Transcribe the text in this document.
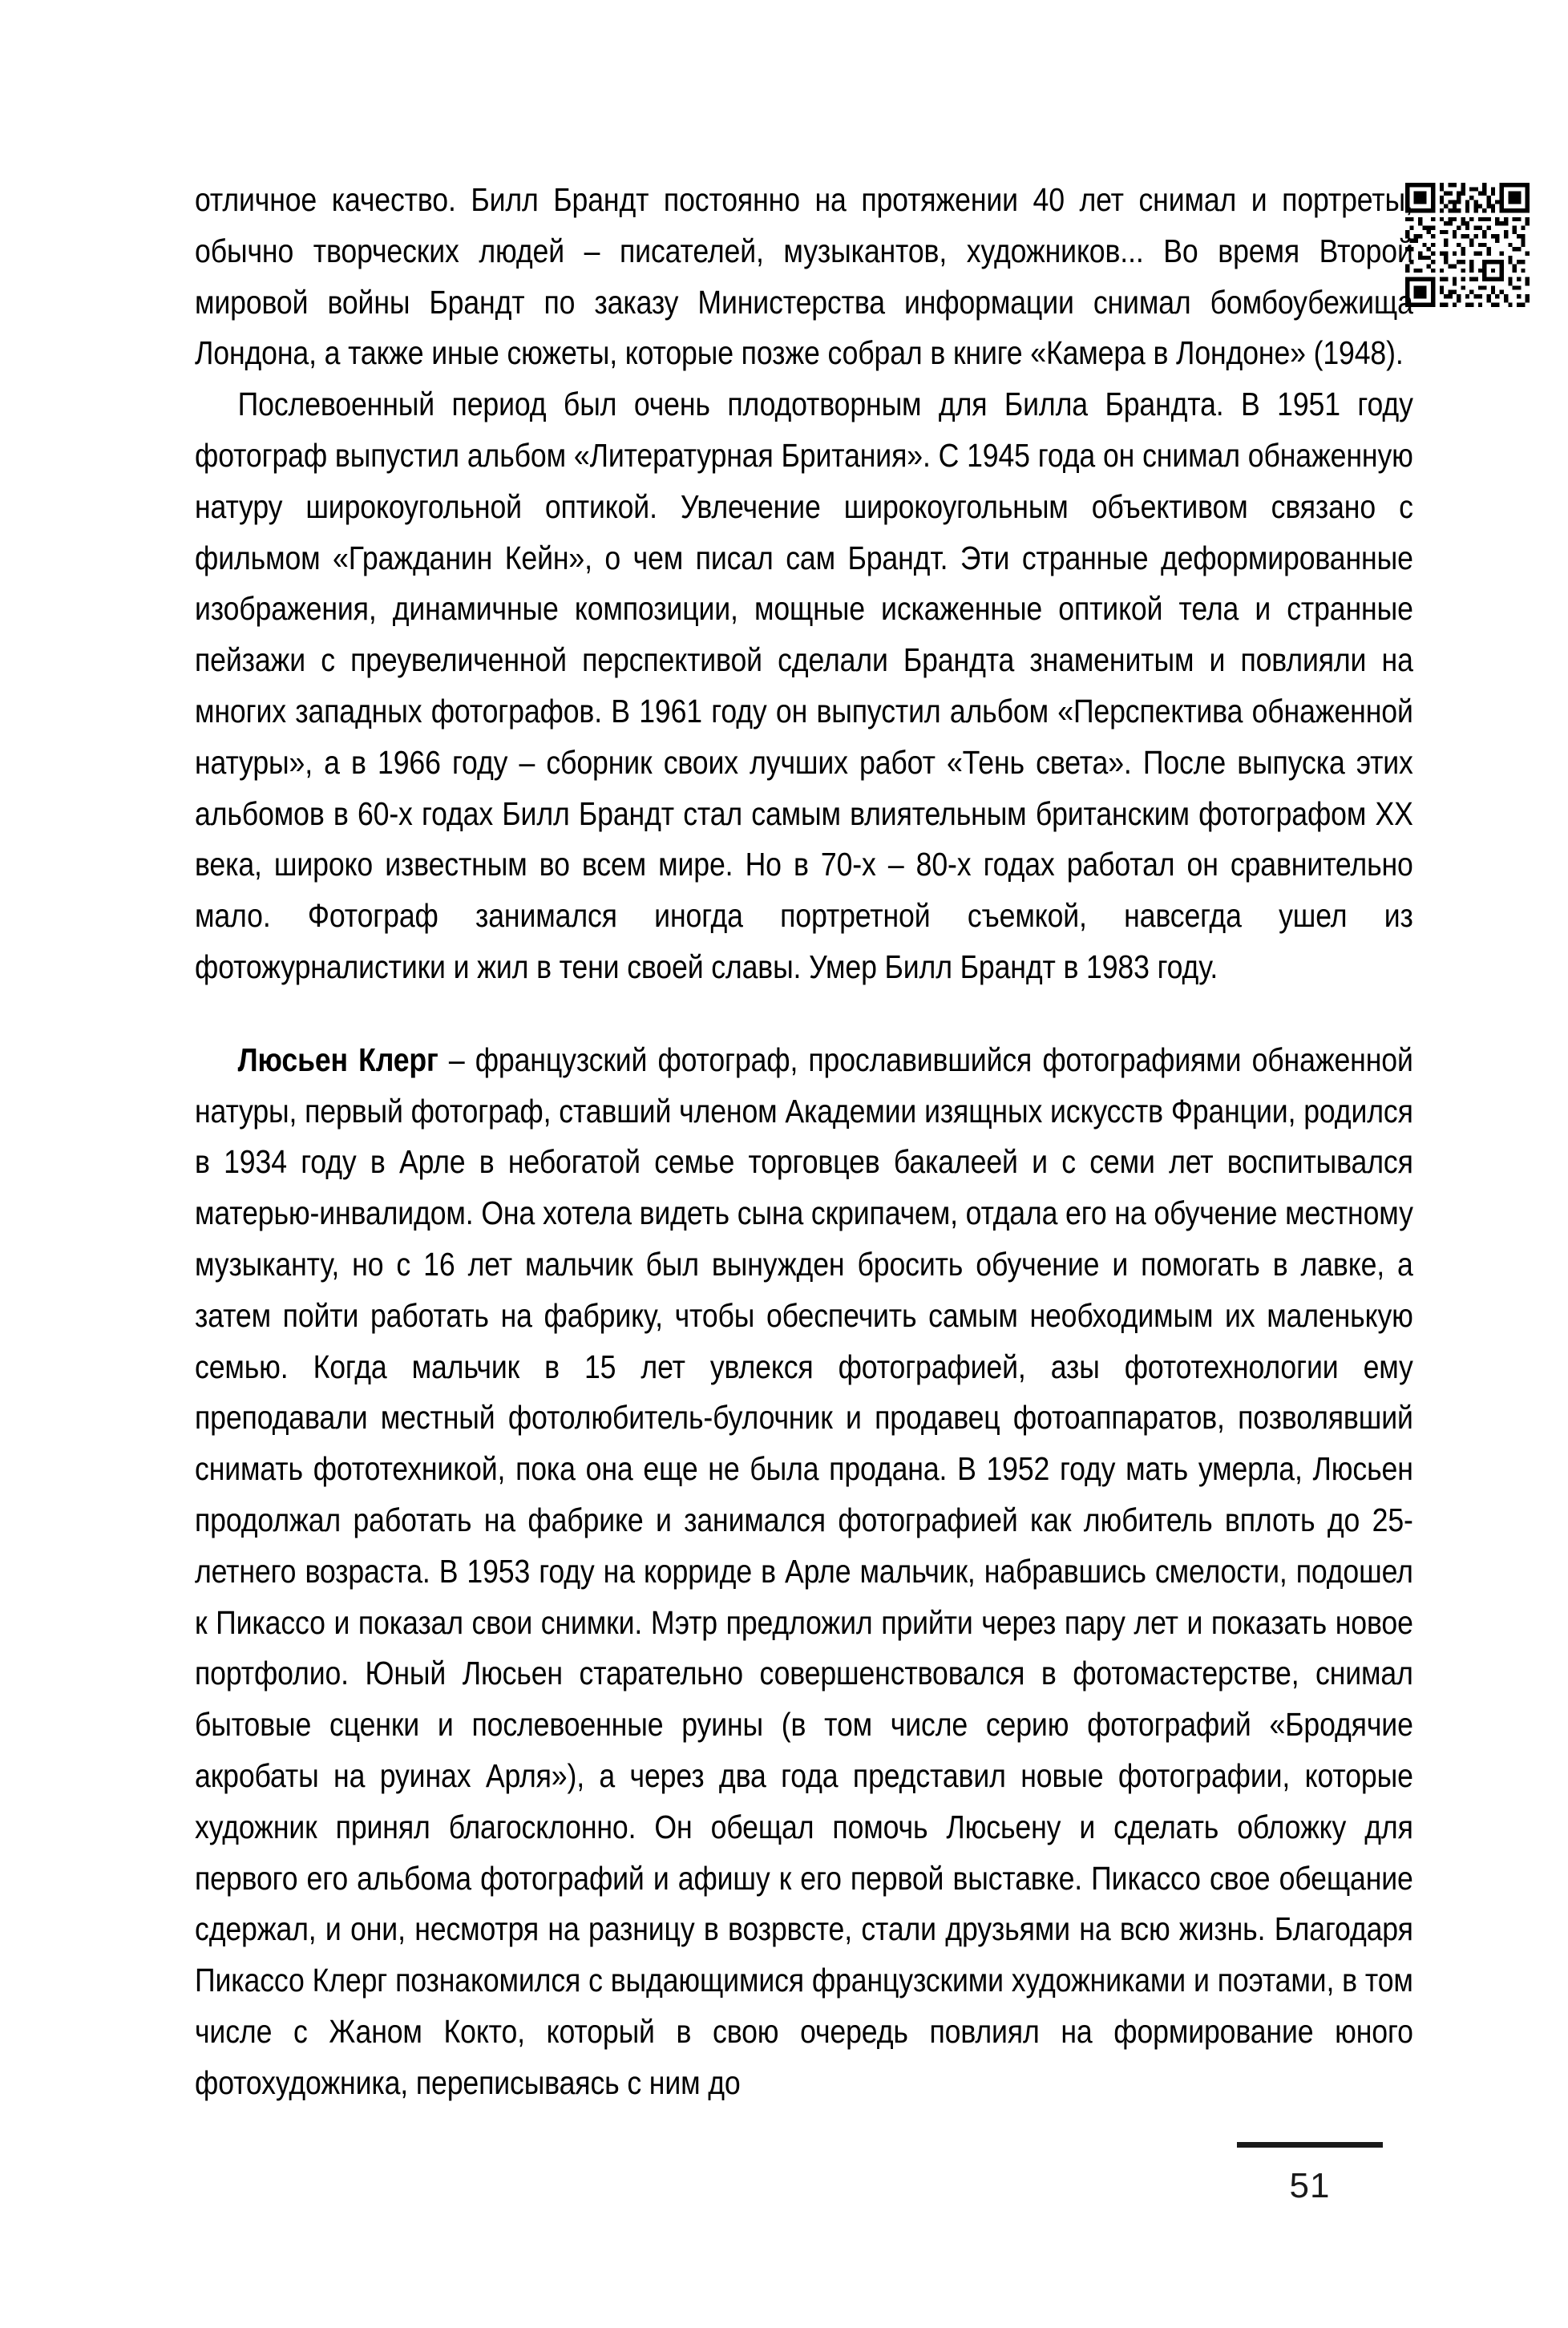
отличное качество. Билл Брандт постоянно на протяжении 40 лет снимал и портреты, обычно творческих людей – писателей, музыкантов, художников... Во время Второй мировой войны Брандт по заказу Министерства информации снимал бомбоубежища Лондона, а также иные сюжеты, которые позже собрал в книге «Камера в Лондоне» (1948).

Послевоенный период был очень плодотворным для Билла Брандта. В 1951 году фотограф выпустил альбом «Литературная Британия». С 1945 года он снимал обнаженную натуру широкоугольной оптикой. Увлечение широкоугольным объективом связано с фильмом «Гражданин Кейн», о чем писал сам Брандт. Эти странные деформированные изображения, динамичные композиции, мощные искаженные оптикой тела и странные пейзажи с преувеличенной перспективой сделали Брандта знаменитым и повлияли на многих западных фотографов. В 1961 году он выпустил альбом «Перспектива обнаженной натуры», а в 1966 году – сборник своих лучших работ «Тень света». После выпуска этих альбомов в 60-х годах Билл Брандт стал самым влиятельным британским фотографом XX века, широко известным во всем мире. Но в 70-х – 80-х годах работал он сравнительно мало. Фотограф занимался иногда портретной съемкой, навсегда ушел из фотожурналистики и жил в тени своей славы. Умер Билл Брандт в 1983 году.

Люсьен Клерг – французский фотограф, прославившийся фотографиями обнаженной натуры, первый фотограф, ставший членом Академии изящных искусств Франции, родился в 1934 году в Арле в небогатой семье торговцев бакалеей и с семи лет воспитывался матерью-инвалидом. Она хотела видеть сына скрипачем, отдала его на обучение местному музыканту, но с 16 лет мальчик был вынужден бросить обучение и помогать в лавке, а затем пойти работать на фабрику, чтобы обеспечить самым необходимым их маленькую семью. Когда мальчик в 15 лет увлекся фотографией, азы фототехнологии ему преподавали местный фотолюбитель-булочник и продавец фотоаппаратов, позволявший снимать фототехникой, пока она еще не была продана. В 1952 году мать умерла, Люсьен продолжал работать на фабрике и занимался фотографией как любитель вплоть до 25-летнего возраста. В 1953 году на корриде в Арле мальчик, набравшись смелости, подошел к Пикассо и показал свои снимки. Мэтр предложил прийти через пару лет и показать новое портфолио. Юный Люсьен старательно совершенствовался в фотомастерстве, снимал бытовые сценки и послевоенные руины (в том числе серию фотографий «Бродячие акробаты на руинах Арля»), а через два года представил новые фотографии, которые художник принял благосклонно. Он обещал помочь Люсьену и сделать обложку для первого его альбома фотографий и афишу к его первой выставке. Пикассо свое обещание сдержал, и они, несмотря на разницу в возрвсте, стали друзьями на всю жизнь. Благодаря Пикассо Клерг познакомился с выдающимися французскими художниками и поэтами, в том числе с Жаном Кокто, который в свою очередь повлиял на формирование юного фотохудожника, переписываясь с ним до

51
